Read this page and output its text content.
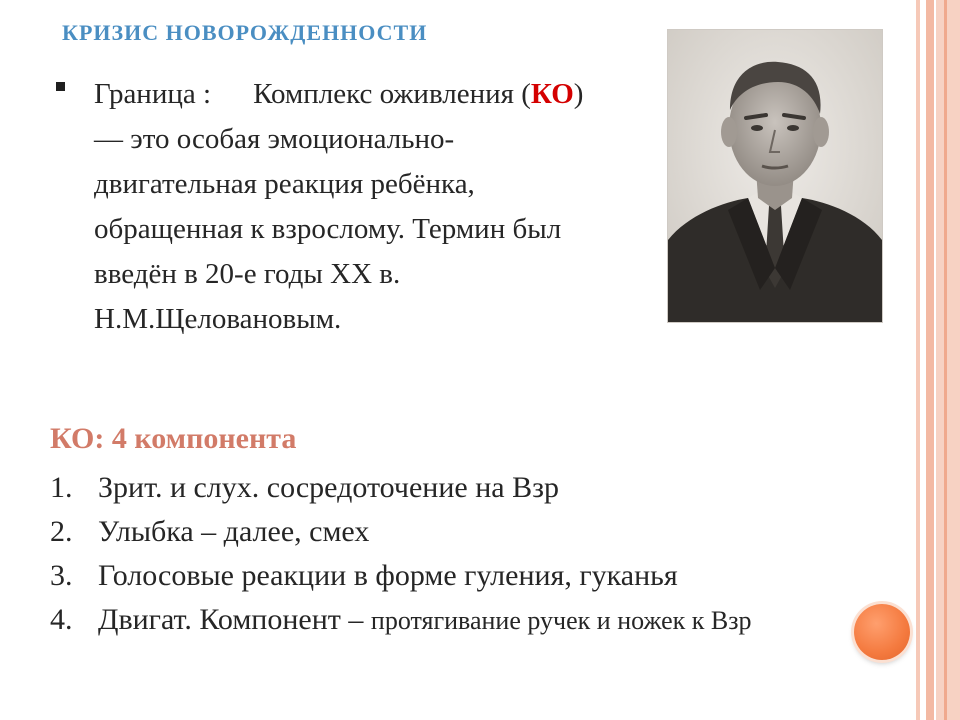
КРИЗИС НОВОРОЖДЕННОСТИ
Граница : Комплекс оживления (КО) — это особая эмоционально-двигательная реакция ребёнка, обращенная к взрослому. Термин был введён в 20-е годы XX в. Н.М.Щеловановым.
КО: 4 компонента
1. Зрит. и слух. сосредоточение на Взр
2. Улыбка – далее, смех
3. Голосовые реакции в форме гуления, гуканья
4. Двигат. Компонент – протягивание ручек и ножек к Взр
